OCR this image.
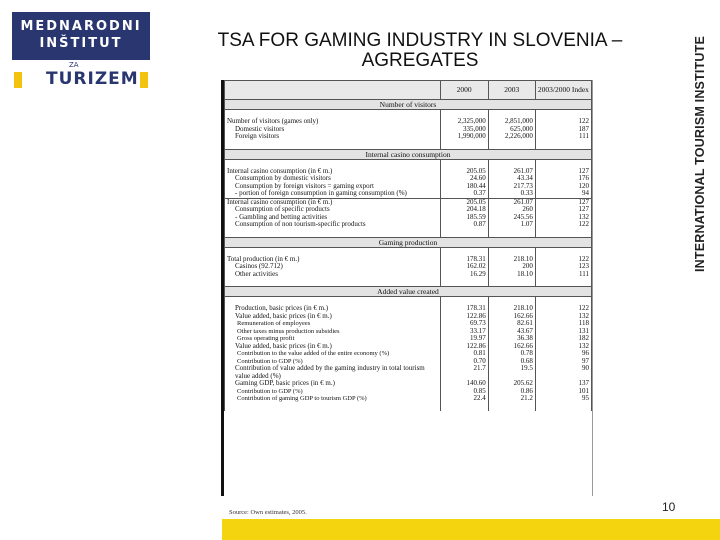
MEDNARODNI
INŠTITUT
ZA
TURIZEM
TSA FOR GAMING INDUSTRY IN SLOVENIA – AGREGATES	INTERNATIONAL TOURISM INSTITUTE
	2000	2003	2003/2000 Index
Number of visitors			

Number of visitors (games only)	2,325,000	2,851,000	122
Domestic visitors	335,000	625,000	187
Foreign visitors	1,990,000	2,226,000	111

Internal casino consumption			

Internal casino consumption (in € m.)	205.05	261.07	127
Consumption by domestic visitors	24.60	43.34	176
Consumption by foreign visitors = gaming export	180.44	217.73	120
- portion of foreign consumption in gaming consumption (%)	0.37	0.33	94
Internal casino consumption (in € m.)	205.05	261.07	127
Consumption of specific products	204.18	260	127
- Gambling and betting activities	185.59	245.56	132
Consumption of non tourism-specific products	0.87	1.07	122

Gaming production			

Total production (in € m.)	178.31	218.10	122
Casinos (92.712)	162.02	200	123
Other activities	16.29	18.10	111

Added value created			

Production, basic prices (in € m.)	178.31	218.10	122
Value added, basic prices (in € m.)	122.86	162.66	132
Remuneration of employees	69.73	82.61	118
Other taxes minus production subsidies	33.17	43.67	131
Gross operating profit	19.97	36.38	182
Value added, basic prices (in € m.)	122.86	162.66	132
Contribution to the value added of the entire economy (%)	0.81	0.78	96
Contribution to GDP (%)	0.70	0.68	97
Contribution of value added by the gaming industry in total tourism value added (%)	21.7	19.5	90
Gaming GDP, basic prices (in € m.)	140.60	205.62	137
Contribution to GDP (%)	0.85	0.86	101
Contribution of gaming GDP to tourism GDP (%)	22.4	21.2	95

10
Source: Own estimates, 2005.
